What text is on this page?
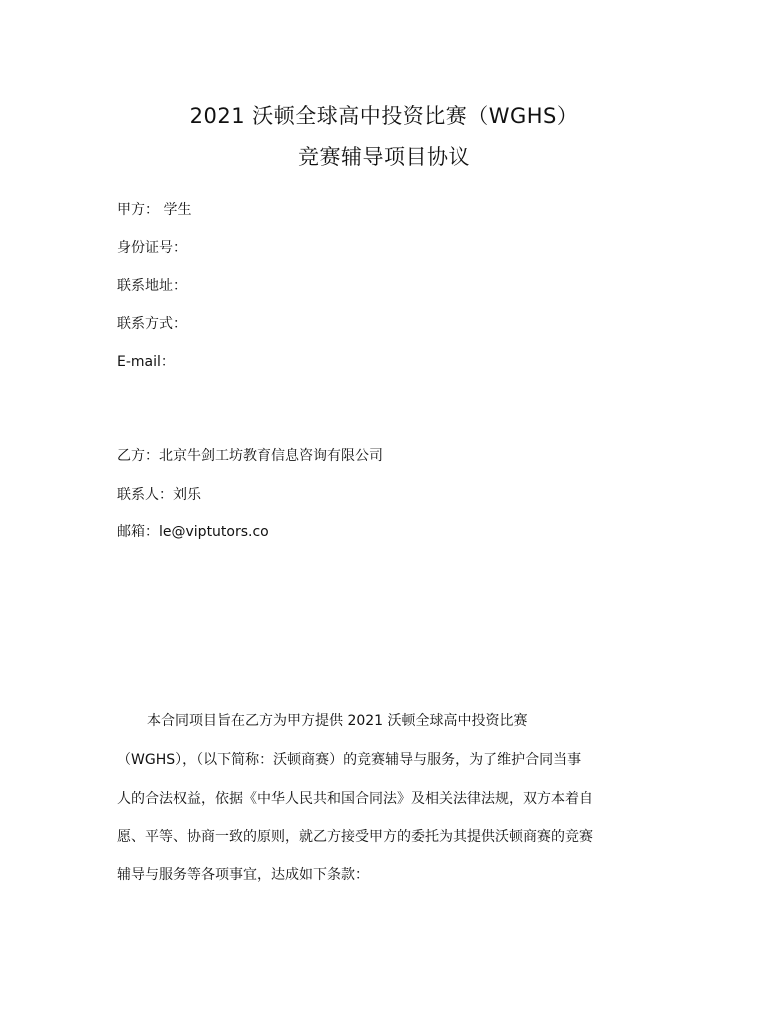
2021 沃顿全球高中投资比赛（WGHS）
竞赛辅导项目协议
甲方： 学生
身份证号：
联系地址：
联系方式：
E-mail：
乙方：北京牛剑工坊教育信息咨询有限公司
联系人：刘乐
邮箱：le@viptutors.co
本合同项目旨在乙方为甲方提供 2021 沃顿全球高中投资比赛
（WGHS），（以下简称：沃顿商赛）的竞赛辅导与服务，为了维护合同当事
人的合法权益，依据《中华人民共和国合同法》及相关法律法规，双方本着自
愿、平等、协商一致的原则，就乙方接受甲方的委托为其提供沃顿商赛的竞赛
辅导与服务等各项事宜，达成如下条款：
